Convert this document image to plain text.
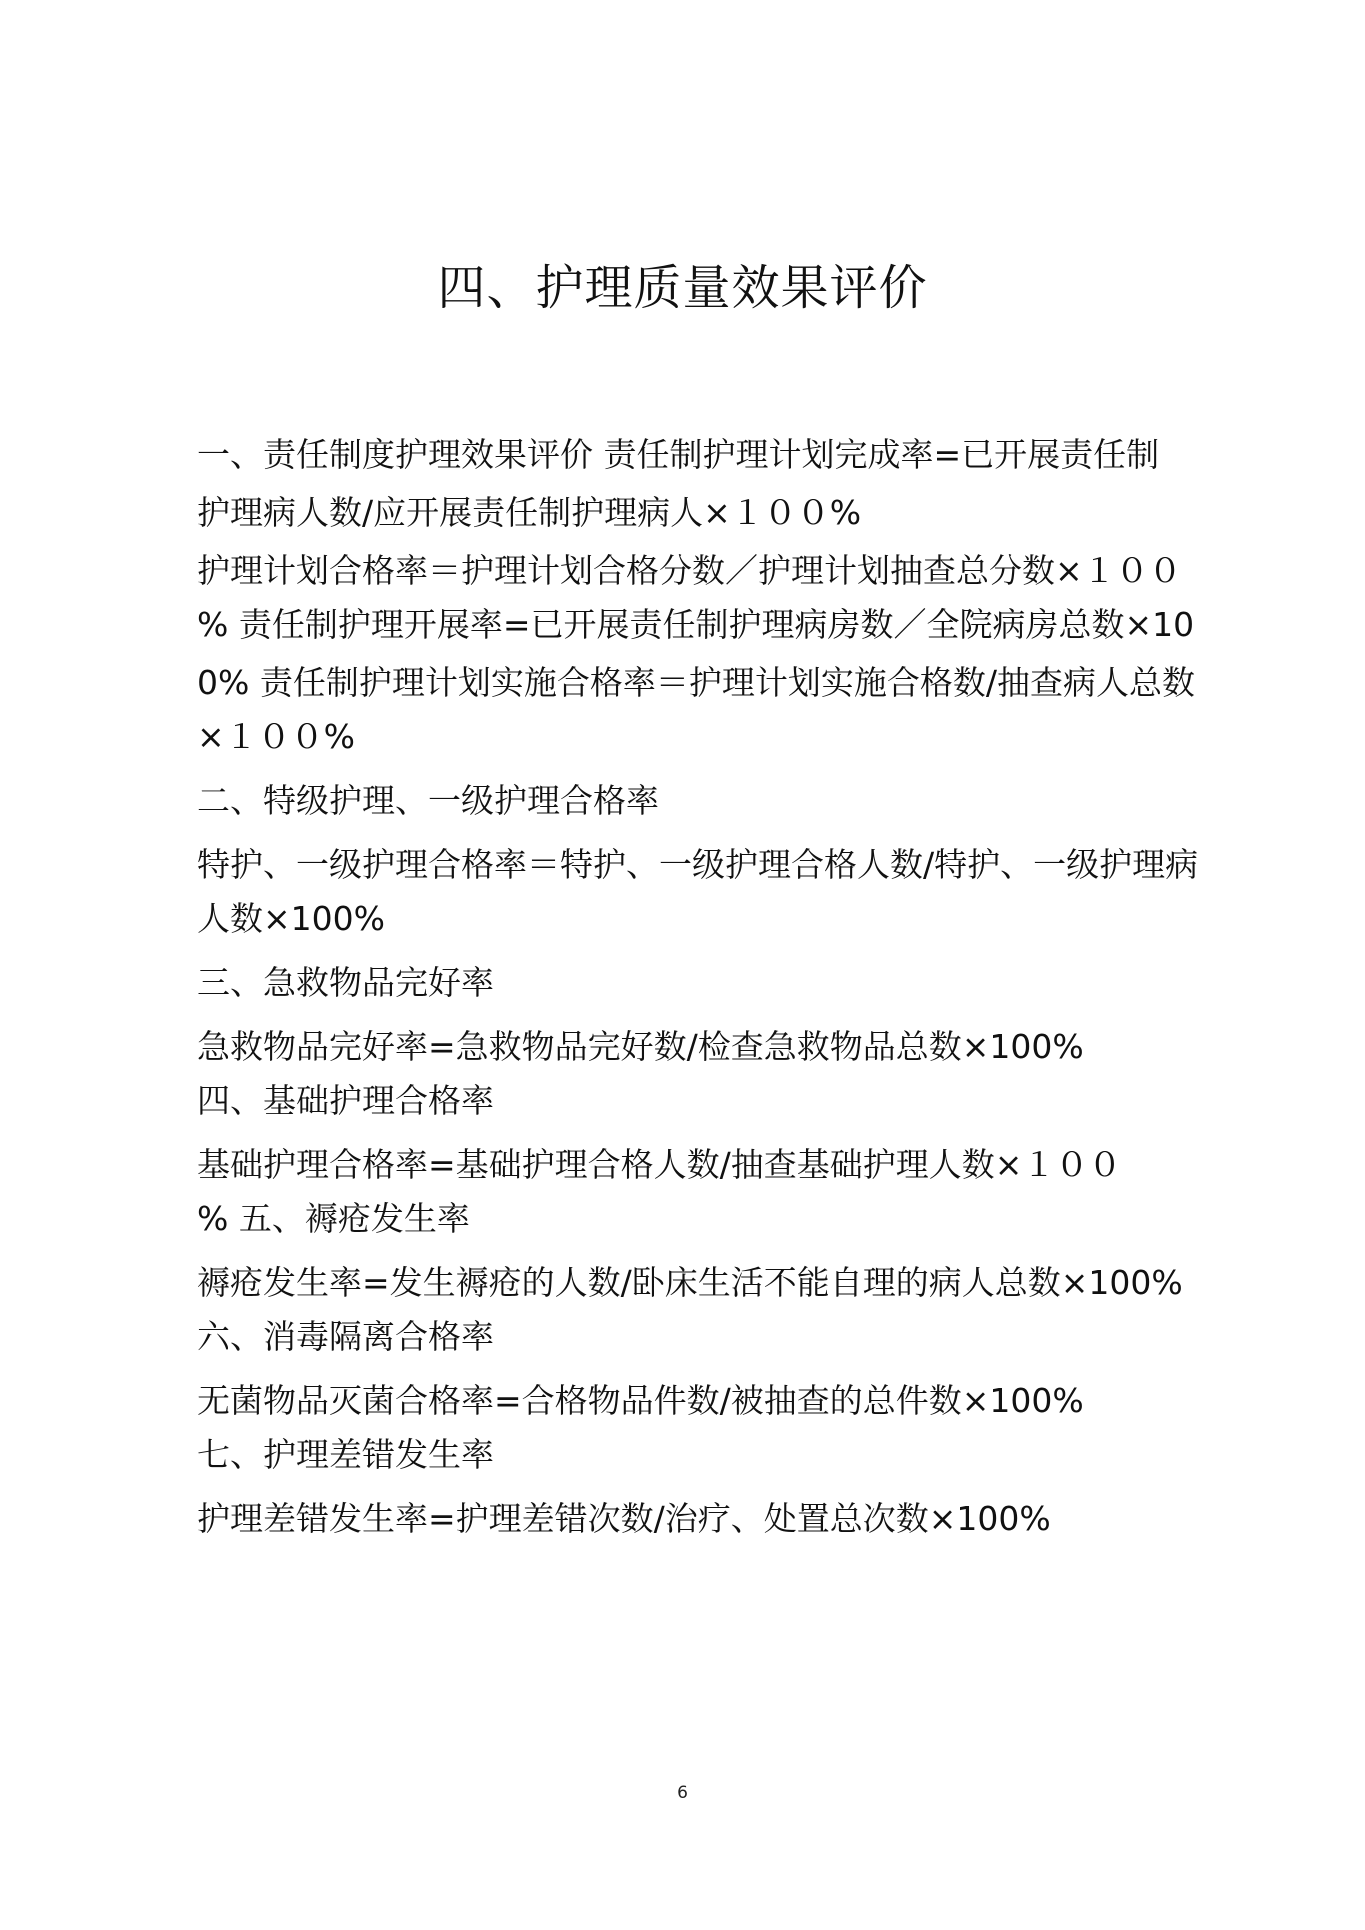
四、护理质量效果评价

一、责任制度护理效果评价 责任制护理计划完成率=已开展责任制

护理病人数/应开展责任制护理病人×１００%

护理计划合格率＝护理计划合格分数／护理计划抽查总分数×１００

% 责任制护理开展率=已开展责任制护理病房数／全院病房总数×10

0% 责任制护理计划实施合格率＝护理计划实施合格数/抽查病人总数

×１００%

二、特级护理、一级护理合格率

特护、一级护理合格率＝特护、一级护理合格人数/特护、一级护理病

人数×100%

三、急救物品完好率

急救物品完好率=急救物品完好数/检查急救物品总数×100%

四、基础护理合格率

基础护理合格率=基础护理合格人数/抽查基础护理人数×１００

% 五、褥疮发生率

褥疮发生率=发生褥疮的人数/卧床生活不能自理的病人总数×100%

六、消毒隔离合格率

无菌物品灭菌合格率=合格物品件数/被抽查的总件数×100%

七、护理差错发生率

护理差错发生率=护理差错次数/治疗、处置总次数×100%

6
